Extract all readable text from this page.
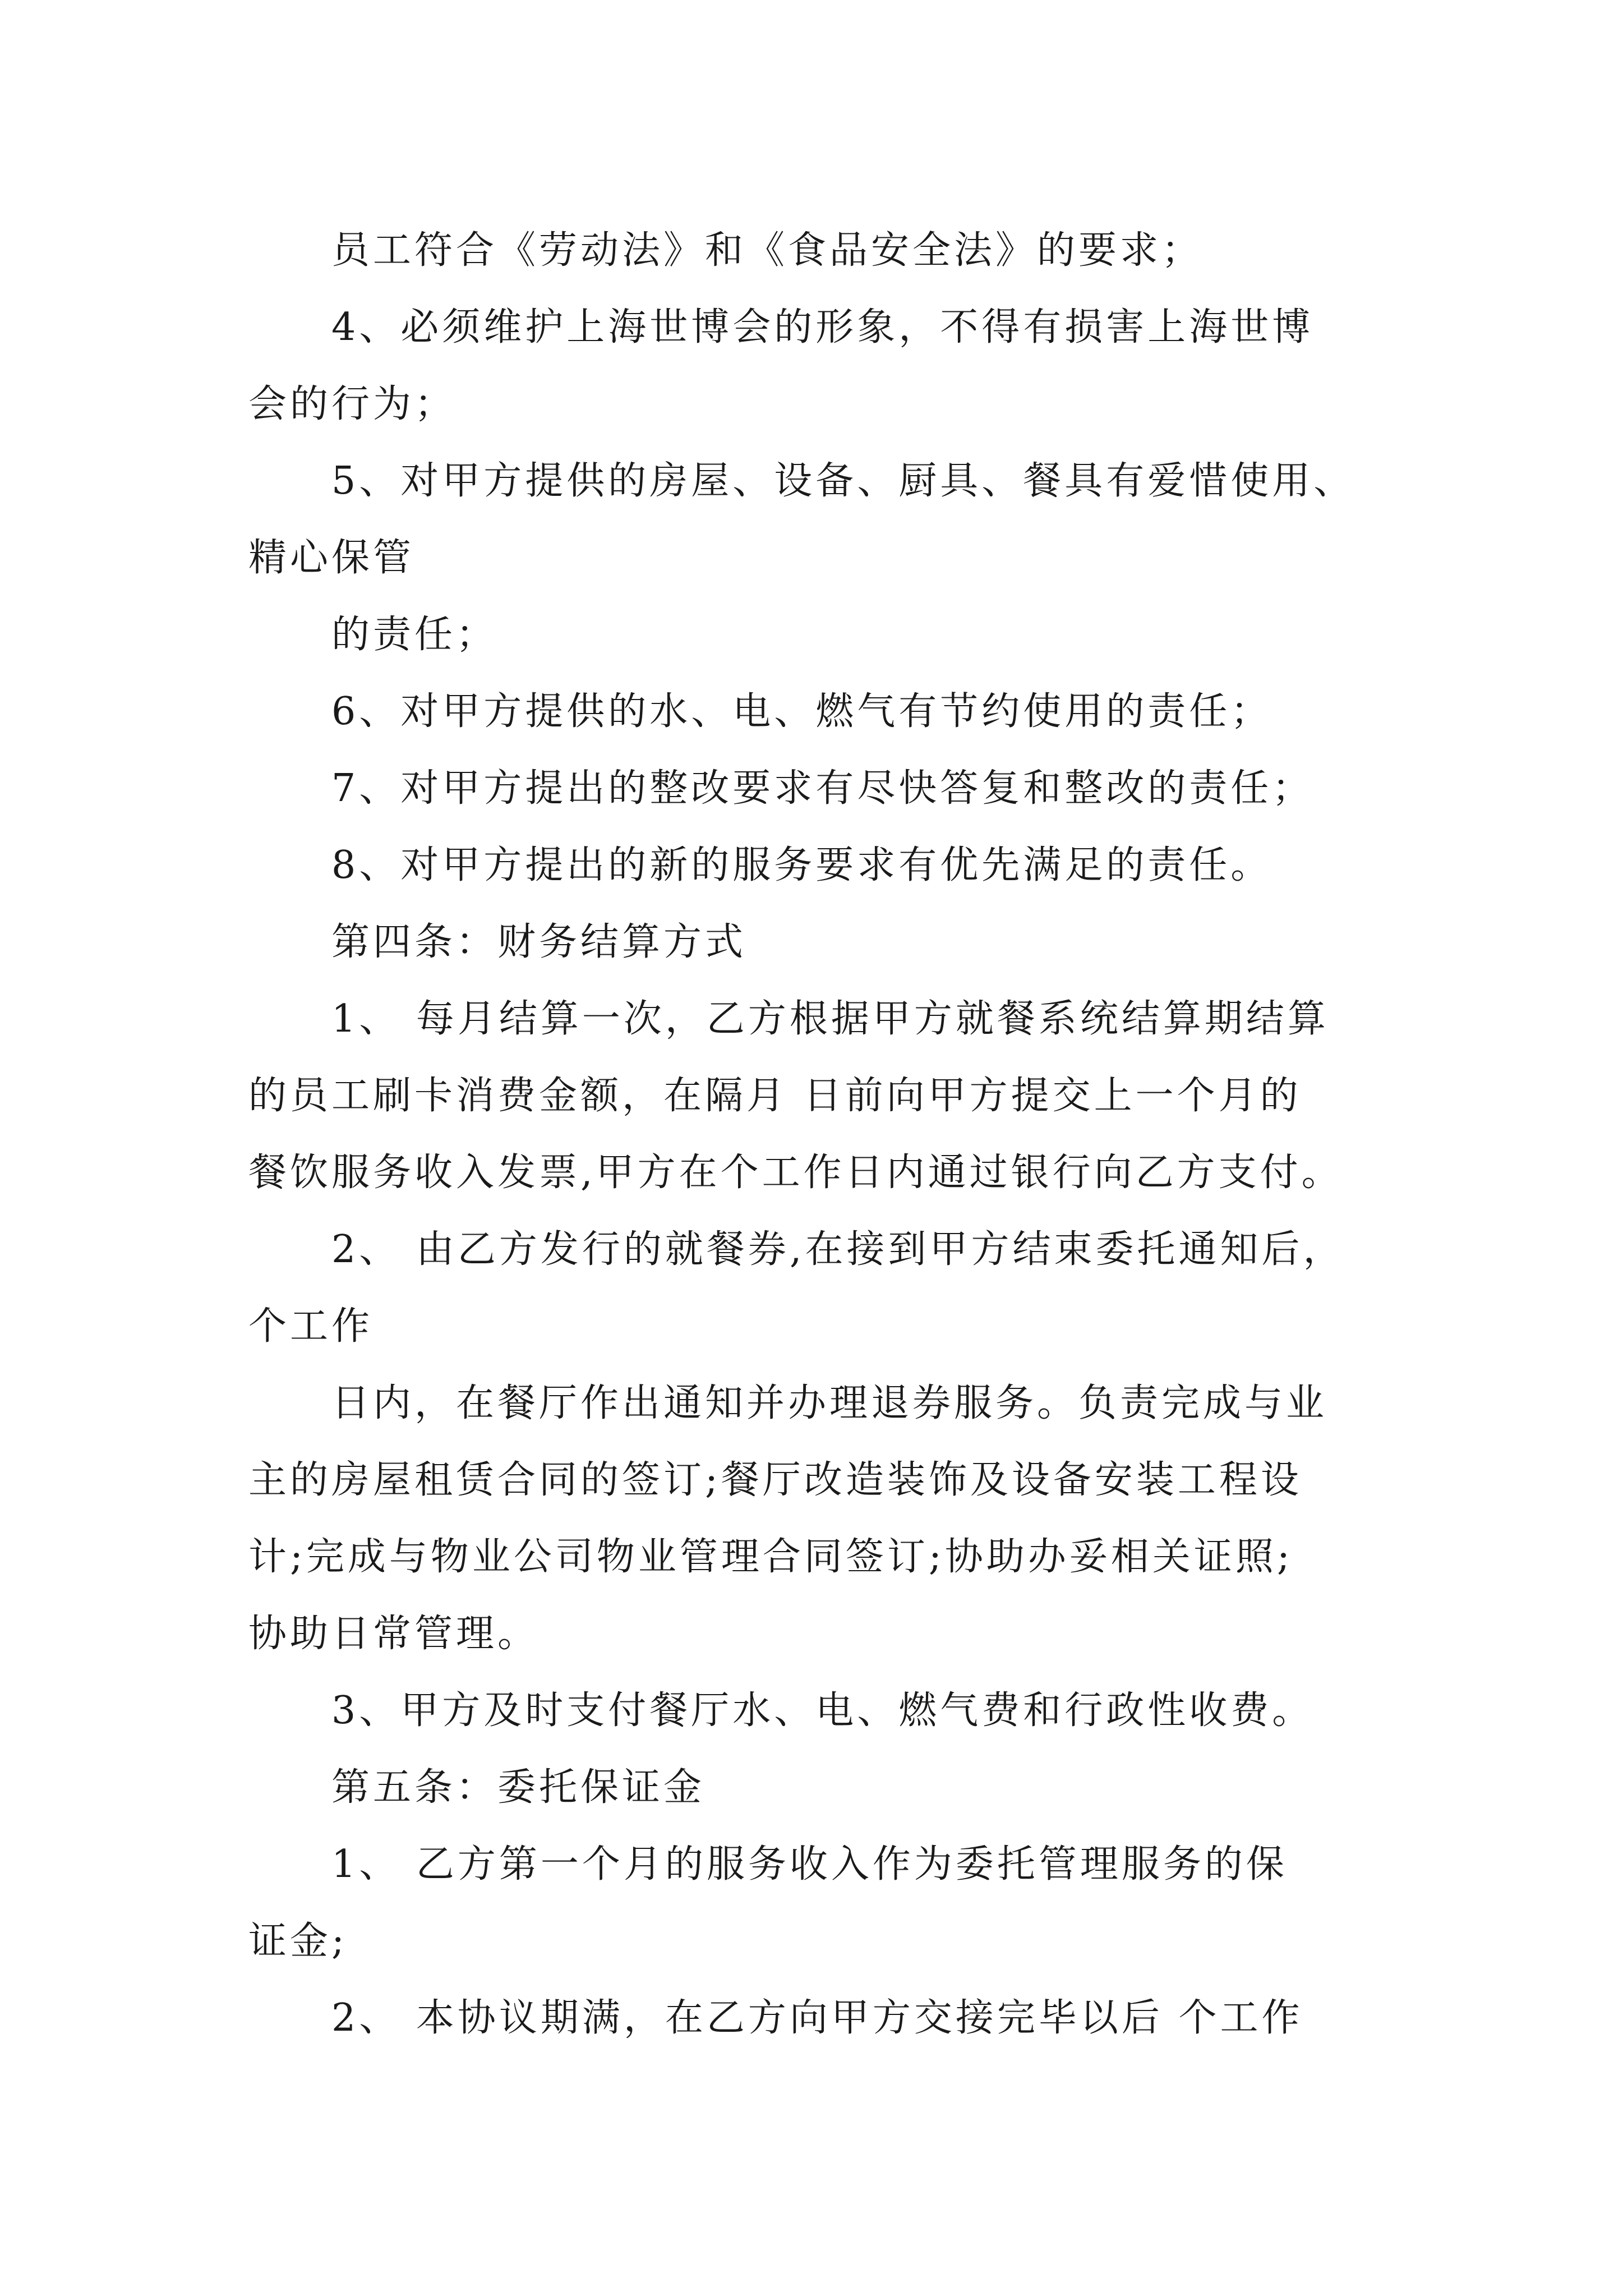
员工符合《劳动法》和《食品安全法》的要求；

4、必须维护上海世博会的形象，不得有损害上海世博

会的行为；

5、对甲方提供的房屋、设备、厨具、餐具有爱惜使用、

精心保管

的责任；

6、对甲方提供的水、电、燃气有节约使用的责任；

7、对甲方提出的整改要求有尽快答复和整改的责任；

8、对甲方提出的新的服务要求有优先满足的责任。

第四条：财务结算方式

1、 每月结算一次，乙方根据甲方就餐系统结算期结算

的员工刷卡消费金额，在隔月 日前向甲方提交上一个月的

餐饮服务收入发票,甲方在个工作日内通过银行向乙方支付。

2、 由乙方发行的就餐券,在接到甲方结束委托通知后，

个工作

日内，在餐厅作出通知并办理退券服务。负责完成与业

主的房屋租赁合同的签订;餐厅改造装饰及设备安装工程设

计;完成与物业公司物业管理合同签订;协助办妥相关证照;

协助日常管理。

3、甲方及时支付餐厅水、电、燃气费和行政性收费。

第五条：委托保证金

1、 乙方第一个月的服务收入作为委托管理服务的保

证金;

2、 本协议期满，在乙方向甲方交接完毕以后 个工作
